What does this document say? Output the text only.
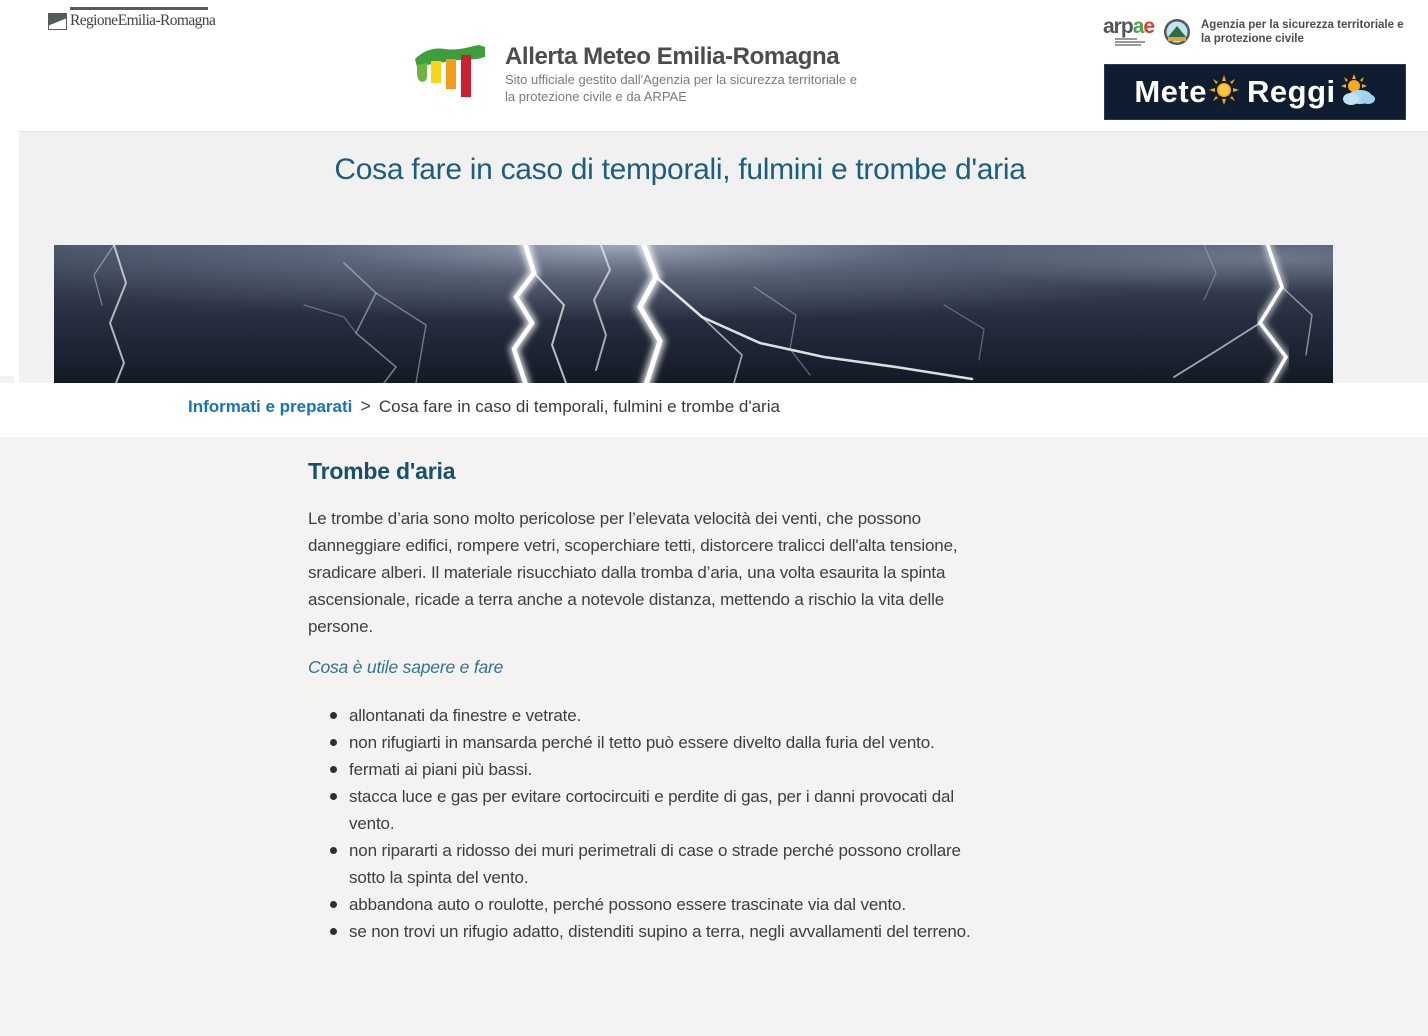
Regione Emilia-Romagna
Allerta Meteo Emilia-Romagna
Sito ufficiale gestito dall'Agenzia per la sicurezza territoriale e
la protezione civile e da ARPAE
arpae	Agenzia per la sicurezza territoriale e la protezione civile
Mete Reggi
Cosa fare in caso di temporali, fulmini e trombe d'aria
Informati e preparati > Cosa fare in caso di temporali, fulmini e trombe d'aria
Trombe d'aria
Le trombe d’aria sono molto pericolose per l’elevata velocità dei venti, che possono danneggiare edifici, rompere vetri, scoperchiare tetti, distorcere tralicci dell'alta tensione, sradicare alberi. Il materiale risucchiato dalla tromba d’aria, una volta esaurita la spinta ascensionale, ricade a terra anche a notevole distanza, mettendo a rischio la vita delle persone.
Cosa è utile sapere e fare
allontanati da finestre e vetrate.
non rifugiarti in mansarda perché il tetto può essere divelto dalla furia del vento.
fermati ai piani più bassi.
stacca luce e gas per evitare cortocircuiti e perdite di gas, per i danni provocati dal vento.
non ripararti a ridosso dei muri perimetrali di case o strade perché possono crollare sotto la spinta del vento.
abbandona auto o roulotte, perché possono essere trascinate via dal vento.
se non trovi un rifugio adatto, distenditi supino a terra, negli avvallamenti del terreno.
